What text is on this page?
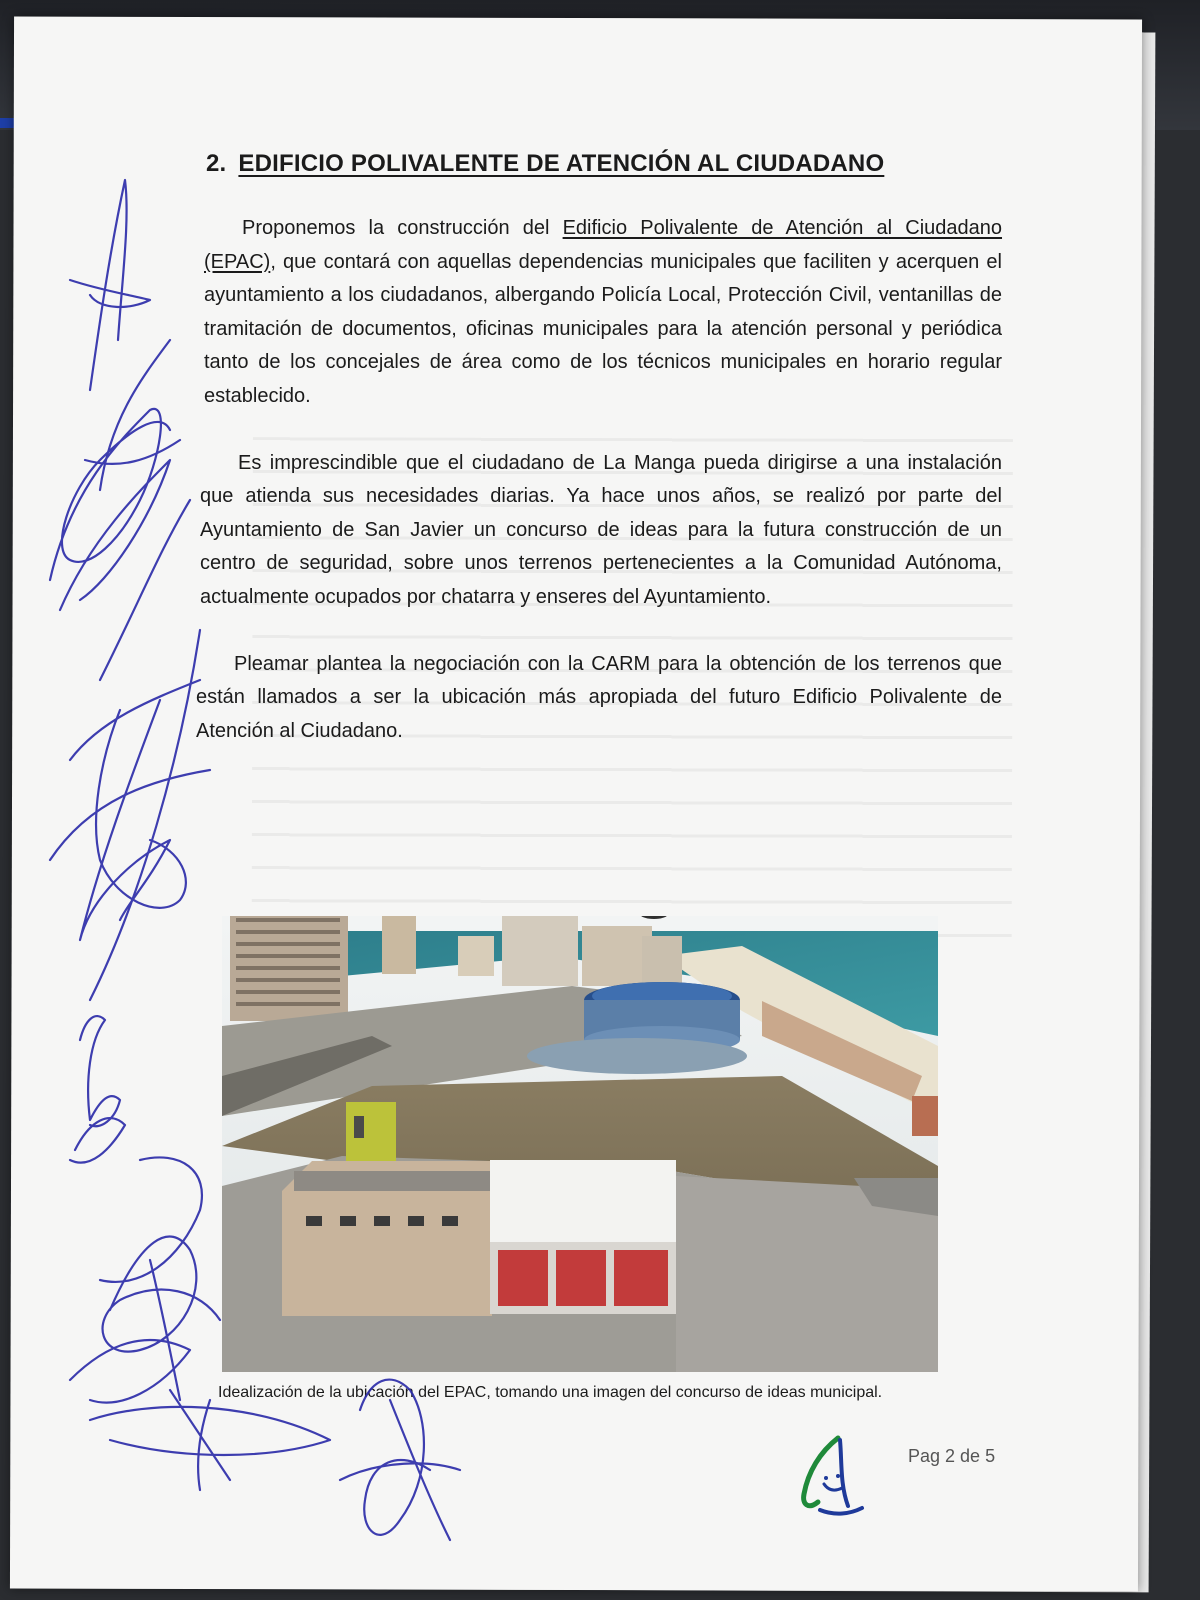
2. EDIFICIO POLIVALENTE DE ATENCIÓN AL CIUDADANO

Proponemos la construcción del Edificio Polivalente de Atención al Ciudadano (EPAC), que contará con aquellas dependencias municipales que faciliten y acerquen el ayuntamiento a los ciudadanos, albergando Policía Local, Protección Civil, ventanillas de tramitación de documentos, oficinas municipales para la atención personal y periódica tanto de los concejales de área como de los técnicos municipales en horario regular establecido.

Es imprescindible que el ciudadano de La Manga pueda dirigirse a una instalación que atienda sus necesidades diarias. Ya hace unos años, se realizó por parte del Ayuntamiento de San Javier un concurso de ideas para la futura construcción de un centro de seguridad, sobre unos terrenos pertenecientes a la Comunidad Autónoma, actualmente ocupados por chatarra y enseres del Ayuntamiento.

Pleamar plantea la negociación con la CARM para la obtención de los terrenos que están llamados a ser la ubicación más apropiada del futuro Edificio Polivalente de Atención al Ciudadano.

Idealización de la ubicación del EPAC, tomando una imagen del concurso de ideas municipal.
Pag 2 de 5
